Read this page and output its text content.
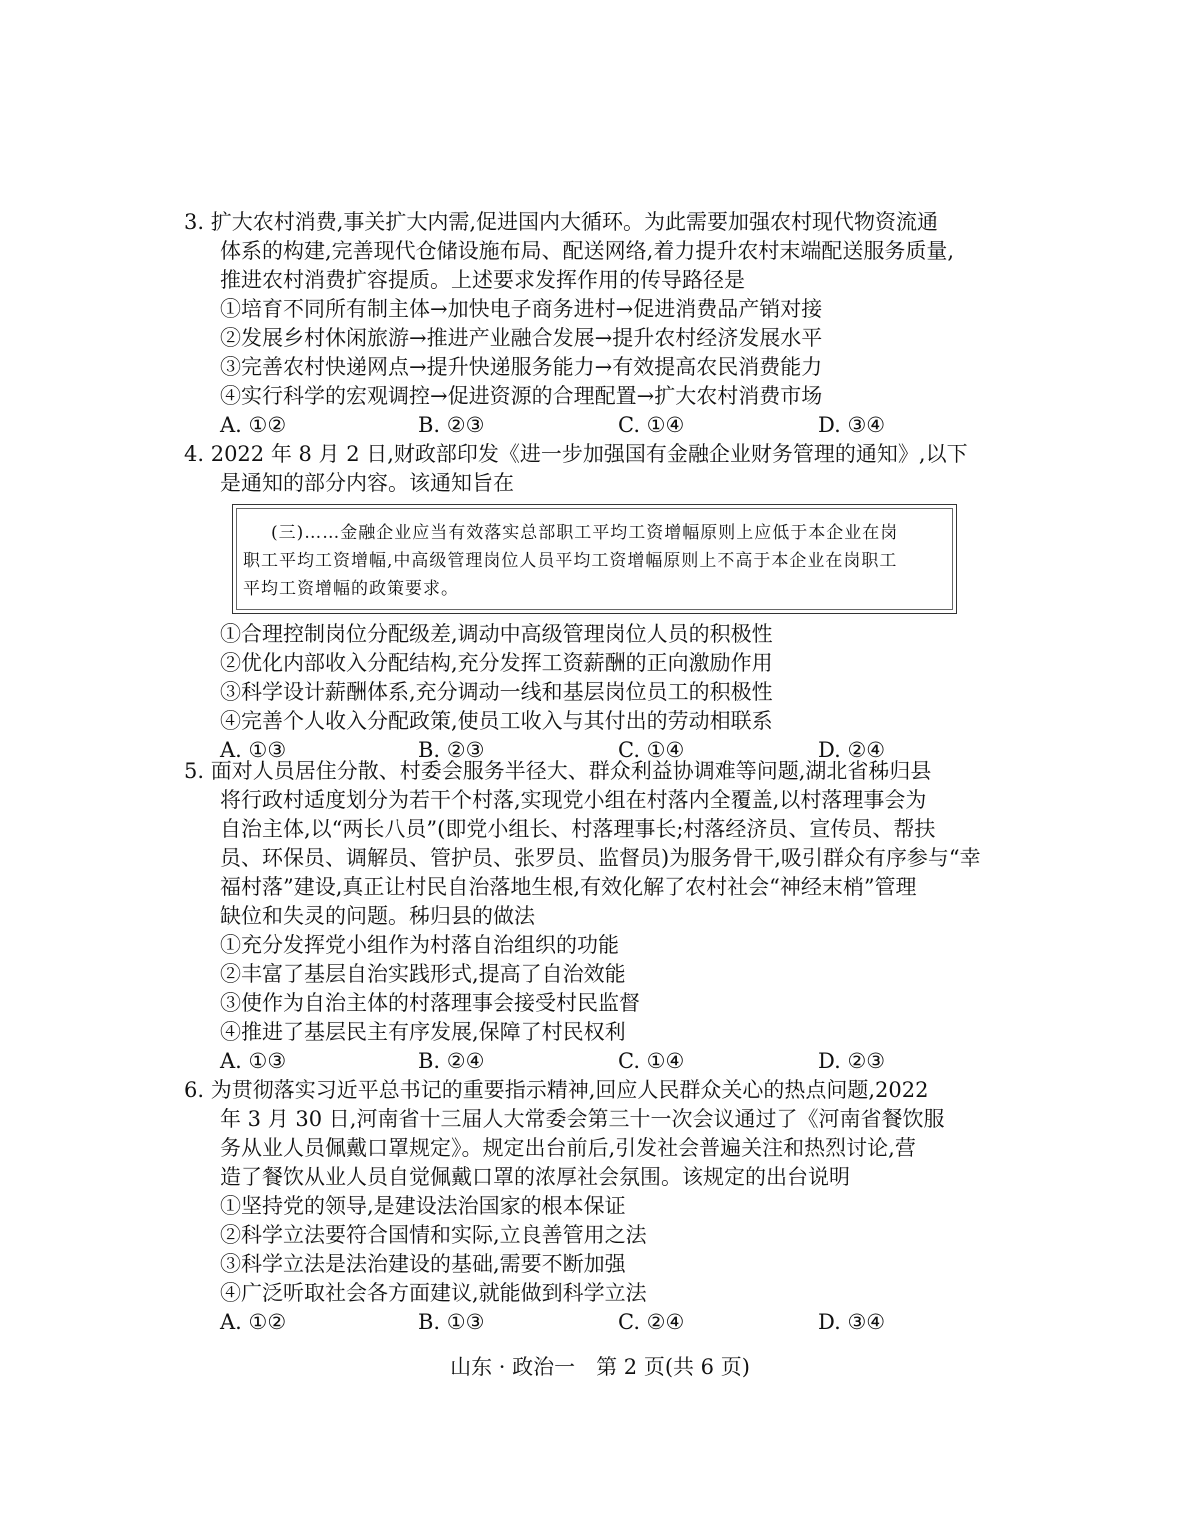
3. 扩大农村消费,事关扩大内需,促进国内大循环。为此需要加强农村现代物资流通
体系的构建,完善现代仓储设施布局、配送网络,着力提升农村末端配送服务质量,
推进农村消费扩容提质。上述要求发挥作用的传导路径是
①培育不同所有制主体→加快电子商务进村→促进消费品产销对接
②发展乡村休闲旅游→推进产业融合发展→提升农村经济发展水平
③完善农村快递网点→提升快递服务能力→有效提高农民消费能力
④实行科学的宏观调控→促进资源的合理配置→扩大农村消费市场
A. ①②	B. ②③	C. ①④	D. ③④
4. 2022 年 8 月 2 日,财政部印发《进一步加强国有金融企业财务管理的通知》,以下
是通知的部分内容。该通知旨在
(三)……金融企业应当有效落实总部职工平均工资增幅原则上应低于本企业在岗
职工平均工资增幅,中高级管理岗位人员平均工资增幅原则上不高于本企业在岗职工
平均工资增幅的政策要求。
①合理控制岗位分配级差,调动中高级管理岗位人员的积极性
②优化内部收入分配结构,充分发挥工资薪酬的正向激励作用
③科学设计薪酬体系,充分调动一线和基层岗位员工的积极性
④完善个人收入分配政策,使员工收入与其付出的劳动相联系
A. ①③	B. ②③	C. ①④	D. ②④
5. 面对人员居住分散、村委会服务半径大、群众利益协调难等问题,湖北省秭归县
将行政村适度划分为若干个村落,实现党小组在村落内全覆盖,以村落理事会为
自治主体,以“两长八员”(即党小组长、村落理事长;村落经济员、宣传员、帮扶
员、环保员、调解员、管护员、张罗员、监督员)为服务骨干,吸引群众有序参与“幸
福村落”建设,真正让村民自治落地生根,有效化解了农村社会“神经末梢”管理
缺位和失灵的问题。秭归县的做法
①充分发挥党小组作为村落自治组织的功能
②丰富了基层自治实践形式,提高了自治效能
③使作为自治主体的村落理事会接受村民监督
④推进了基层民主有序发展,保障了村民权利
A. ①③	B. ②④	C. ①④	D. ②③
6. 为贯彻落实习近平总书记的重要指示精神,回应人民群众关心的热点问题,2022
年 3 月 30 日,河南省十三届人大常委会第三十一次会议通过了《河南省餐饮服
务从业人员佩戴口罩规定》。规定出台前后,引发社会普遍关注和热烈讨论,营
造了餐饮从业人员自觉佩戴口罩的浓厚社会氛围。该规定的出台说明
①坚持党的领导,是建设法治国家的根本保证
②科学立法要符合国情和实际,立良善管用之法
③科学立法是法治建设的基础,需要不断加强
④广泛听取社会各方面建议,就能做到科学立法
A. ①②	B. ①③	C. ②④	D. ③④
山东 · 政治一　第 2 页(共 6 页)
